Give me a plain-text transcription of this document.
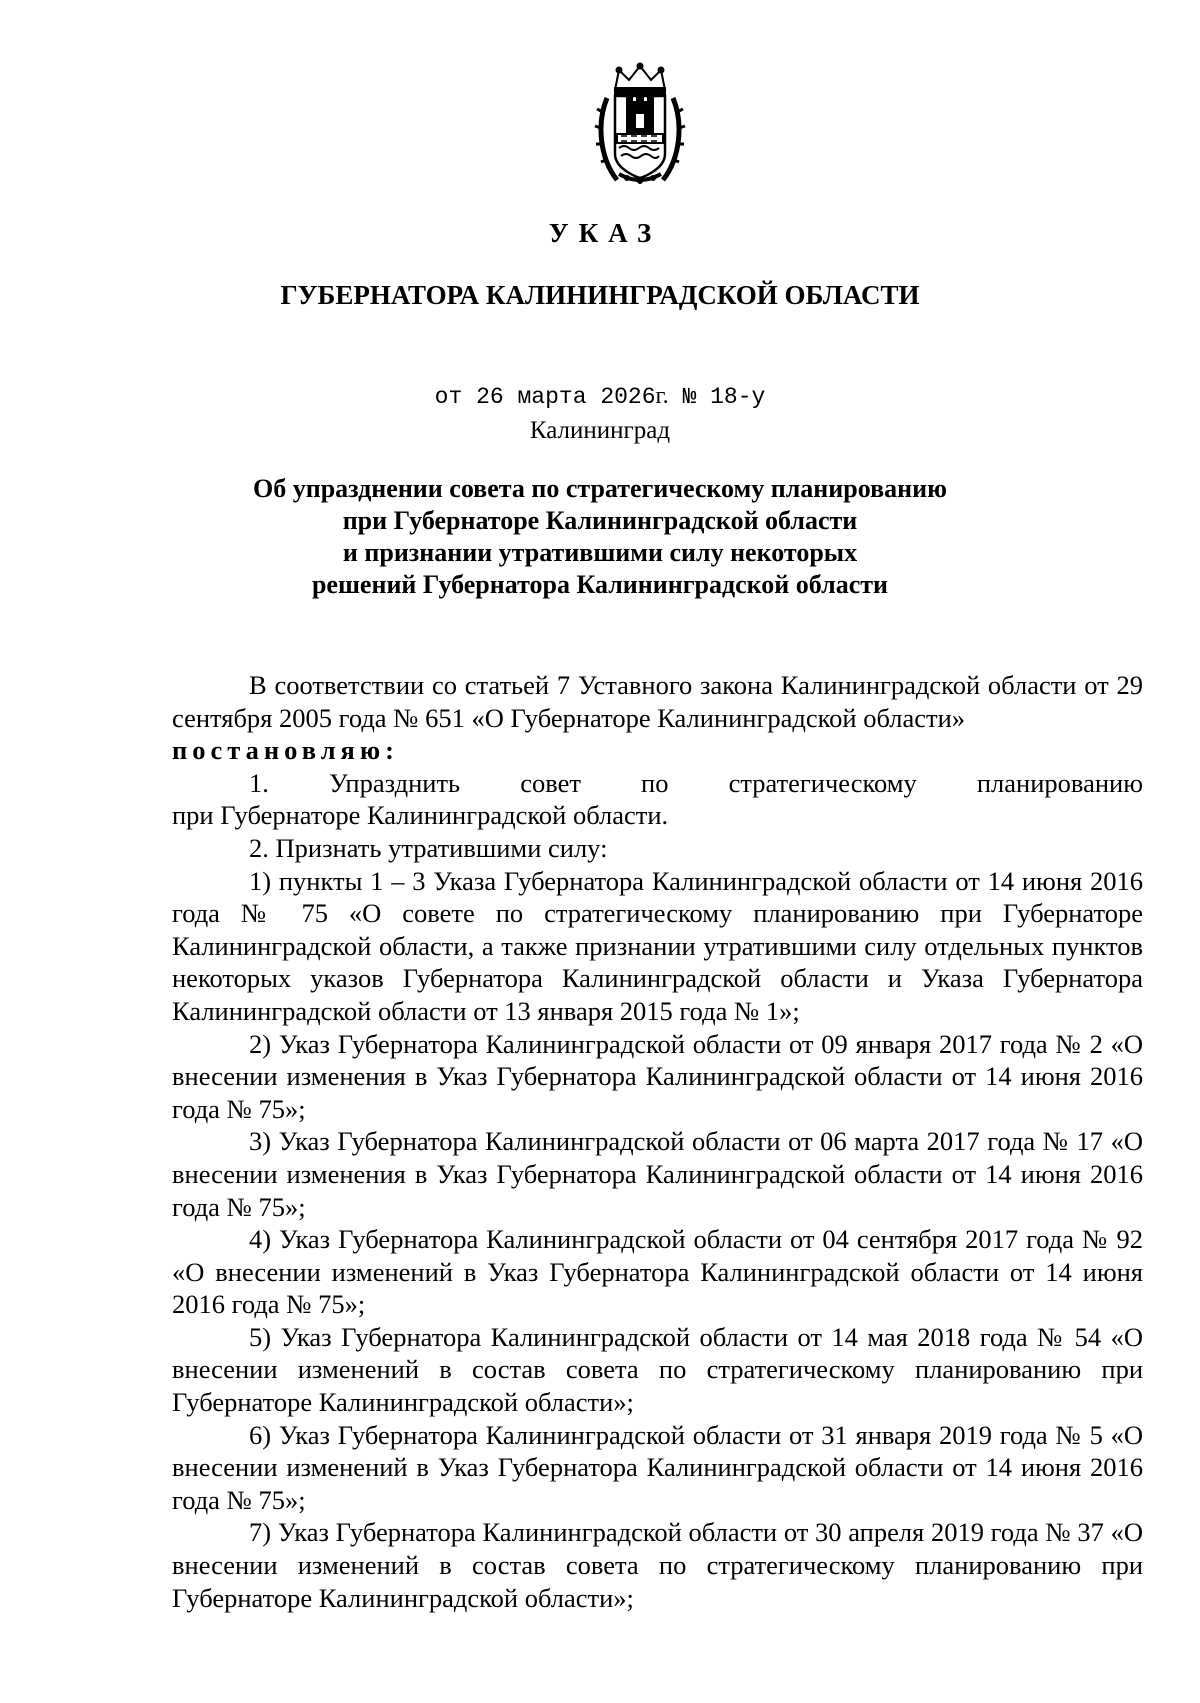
УКАЗ
ГУБЕРНАТОРА КАЛИНИНГРАДСКОЙ ОБЛАСТИ
от 26 марта 2026г. № 18-у
Калининград
Об упразднении совета по стратегическому планированию
при Губернаторе Калининградской области
и признании утратившими силу некоторых
решений Губернатора Калининградской области

В соответствии со статьей 7 Уставного закона Калининградской области от 29 сентября 2005 года № 651 «О Губернаторе Калининградской области»

постановляю:

1. Упразднить совет по стратегическому планированию

при Губернаторе Калининградской области.

2. Признать утратившими силу:

1) пункты 1 – 3 Указа Губернатора Калининградской области от 14 июня 2016 года № 75 «О совете по стратегическому планированию при Губернаторе Калининградской области, а также признании утратившими силу отдельных пунктов некоторых указов Губернатора Калининградской области и Указа Губернатора Калининградской области от 13 января 2015 года № 1»;

2) Указ Губернатора Калининградской области от 09 января 2017 года № 2 «О внесении изменения в Указ Губернатора Калининградской области от 14 июня 2016 года № 75»;

3) Указ Губернатора Калининградской области от 06 марта 2017 года № 17 «О внесении изменения в Указ Губернатора Калининградской области от 14 июня 2016 года № 75»;

4) Указ Губернатора Калининградской области от 04 сентября 2017 года № 92 «О внесении изменений в Указ Губернатора Калининградской области от 14 июня 2016 года № 75»;

5) Указ Губернатора Калининградской области от 14 мая 2018 года № 54 «О внесении изменений в состав совета по стратегическому планированию при Губернаторе Калининградской области»;

6) Указ Губернатора Калининградской области от 31 января 2019 года № 5 «О внесении изменений в Указ Губернатора Калининградской области от 14 июня 2016 года № 75»;

7) Указ Губернатора Калининградской области от 30 апреля 2019 года № 37 «О внесении изменений в состав совета по стратегическому планированию при Губернаторе Калининградской области»;
